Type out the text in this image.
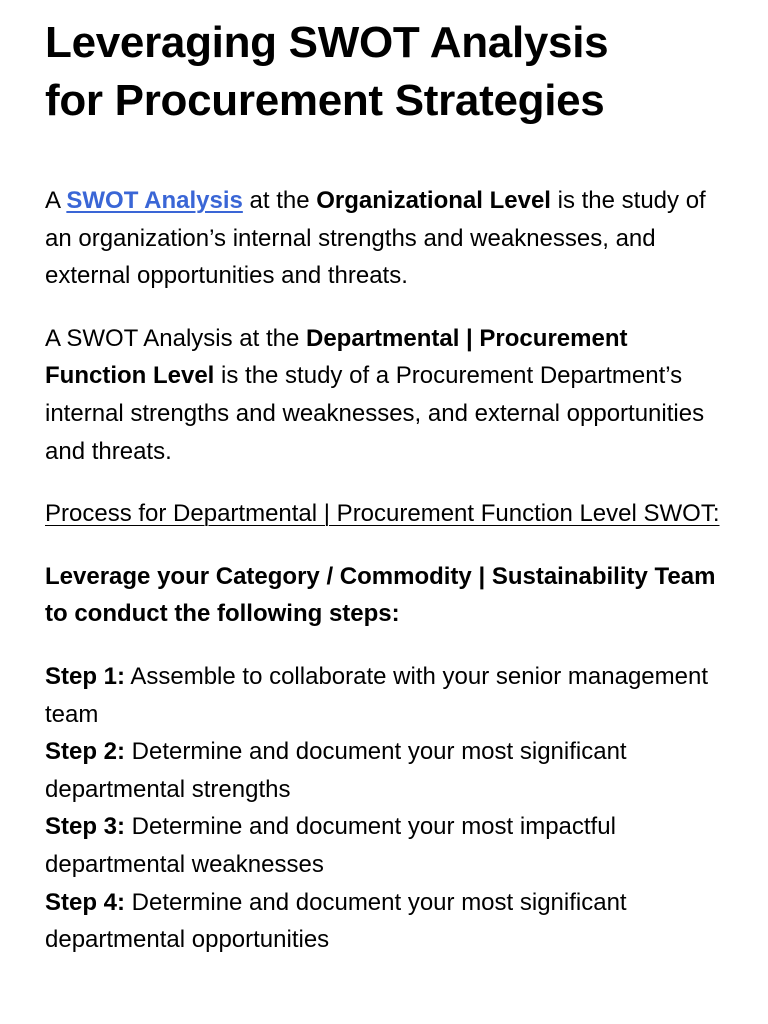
Leveraging SWOT Analysis
for Procurement Strategies

A SWOT Analysis at the Organizational Level is the study of an organization’s internal strengths and weaknesses, and external opportunities and threats.

A SWOT Analysis at the Departmental | Procurement Function Level is the study of a Procurement Department’s internal strengths and weaknesses, and external opportunities and threats.

Process for Departmental | Procurement Function Level SWOT:

Leverage your Category / Commodity | Sustainability Team to conduct the following steps:

Step 1: Assemble to collaborate with your senior management team

Step 2: Determine and document your most significant departmental strengths

Step 3: Determine and document your most impactful departmental weaknesses

Step 4: Determine and document your most significant departmental opportunities
